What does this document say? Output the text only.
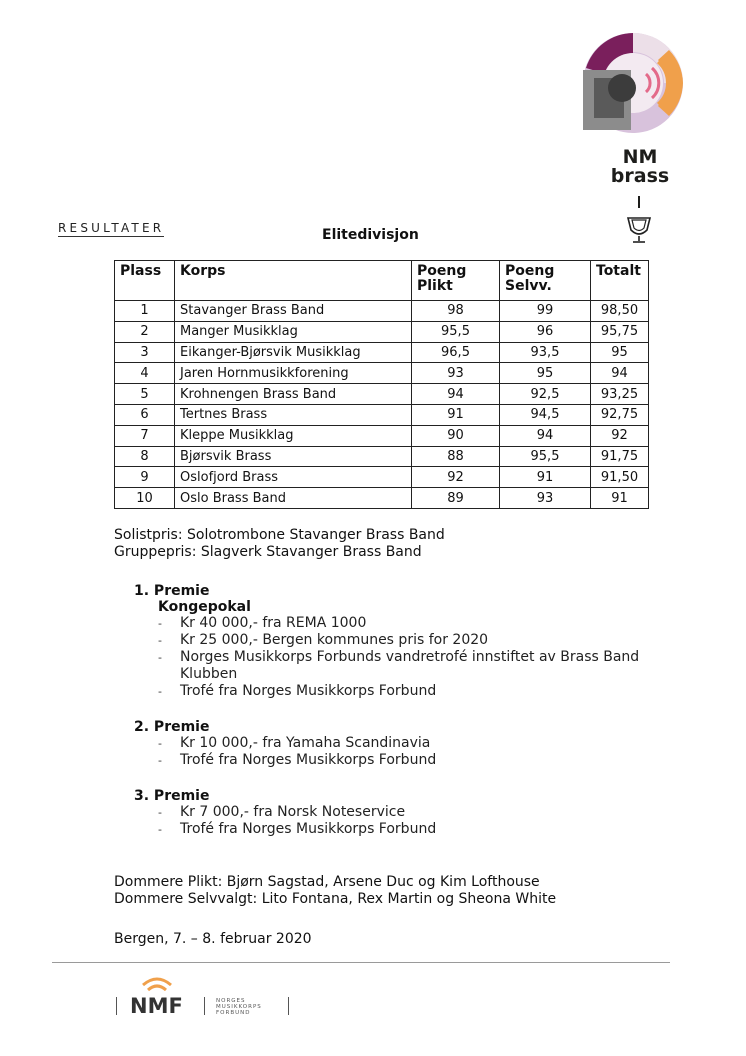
NM
brass
RESULTATER	Elitedivisjon
Plass	Korps	Poeng Plikt	Poeng Selvv.	Totalt
1	Stavanger Brass Band	98	99	98,50
2	Manger Musikklag	95,5	96	95,75
3	Eikanger-Bjørsvik Musikklag	96,5	93,5	95
4	Jaren Hornmusikkforening	93	95	94
5	Krohnengen Brass Band	94	92,5	93,25
6	Tertnes Brass	91	94,5	92,75
7	Kleppe Musikklag	90	94	92
8	Bjørsvik Brass	88	95,5	91,75
9	Oslofjord Brass	92	91	91,50
10	Oslo Brass Band	89	93	91
Solistpris: Solotrombone Stavanger Brass Band
Gruppepris: Slagverk Stavanger Brass Band
1. Premie
Kongepokal
- Kr 40 000,- fra REMA 1000
- Kr 25 000,- Bergen kommunes pris for 2020
- Norges Musikkorps Forbunds vandretrofé innstiftet av Brass Band Klubben
- Trofé fra Norges Musikkorps Forbund
2. Premie
- Kr 10 000,- fra Yamaha Scandinavia
- Trofé fra Norges Musikkorps Forbund
3. Premie
- Kr 7 000,- fra Norsk Noteservice
- Trofé fra Norges Musikkorps Forbund
Dommere Plikt: Bjørn Sagstad, Arsene Duc og Kim Lofthouse
Dommere Selvvalgt: Lito Fontana, Rex Martin og Sheona White
Bergen, 7. – 8. februar 2020
NMF	NORGES
MUSIKKORPS
FORBUND
